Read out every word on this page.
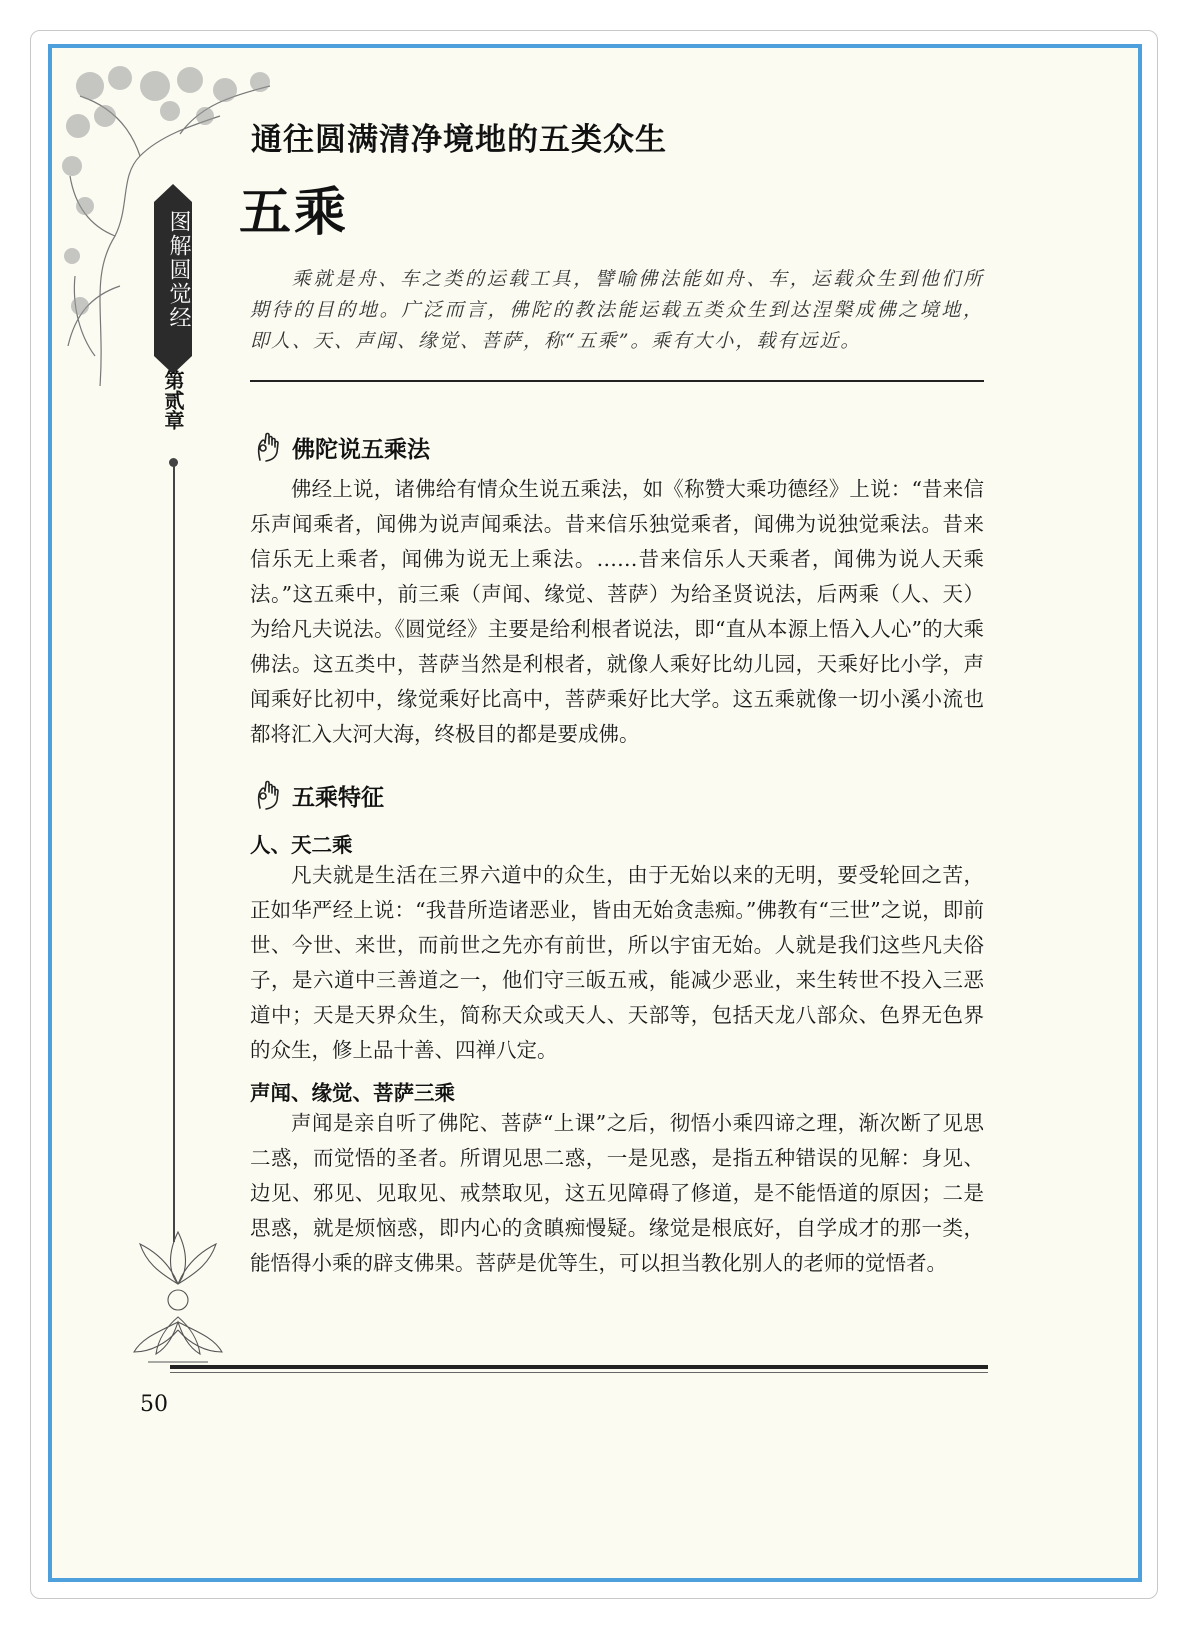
通往圆满清净境地的五类众生
五乘
图解圆觉经
第贰章
乘就是舟、车之类的运载工具，譬喻佛法能如舟、车，运载众生到他们所期待的目的地。广泛而言，佛陀的教法能运载五类众生到达涅槃成佛之境地，即人、天、声闻、缘觉、菩萨，称“五乘”。乘有大小，载有远近。
佛陀说五乘法

佛经上说，诸佛给有情众生说五乘法，如《称赞大乘功德经》上说：“昔来信乐声闻乘者，闻佛为说声闻乘法。昔来信乐独觉乘者，闻佛为说独觉乘法。昔来信乐无上乘者，闻佛为说无上乘法。……昔来信乐人天乘者，闻佛为说人天乘法。”这五乘中，前三乘（声闻、缘觉、菩萨）为给圣贤说法，后两乘（人、天）为给凡夫说法。《圆觉经》主要是给利根者说法，即“直从本源上悟入人心”的大乘佛法。这五类中，菩萨当然是利根者，就像人乘好比幼儿园，天乘好比小学，声闻乘好比初中，缘觉乘好比高中，菩萨乘好比大学。这五乘就像一切小溪小流也都将汇入大河大海，终极目的都是要成佛。

五乘特征
人、天二乘

凡夫就是生活在三界六道中的众生，由于无始以来的无明，要受轮回之苦，正如华严经上说：“我昔所造诸恶业，皆由无始贪恚痴。”佛教有“三世”之说，即前世、今世、来世，而前世之先亦有前世，所以宇宙无始。人就是我们这些凡夫俗子，是六道中三善道之一，他们守三皈五戒，能减少恶业，来生转世不投入三恶道中；天是天界众生，简称天众或天人、天部等，包括天龙八部众、色界无色界的众生，修上品十善、四禅八定。

声闻、缘觉、菩萨三乘

声闻是亲自听了佛陀、菩萨“上课”之后，彻悟小乘四谛之理，渐次断了见思二惑，而觉悟的圣者。所谓见思二惑，一是见惑，是指五种错误的见解：身见、边见、邪见、见取见、戒禁取见，这五见障碍了修道，是不能悟道的原因；二是思惑，就是烦恼惑，即内心的贪瞋痴慢疑。缘觉是根底好，自学成才的那一类，能悟得小乘的辟支佛果。菩萨是优等生，可以担当教化别人的老师的觉悟者。

50
